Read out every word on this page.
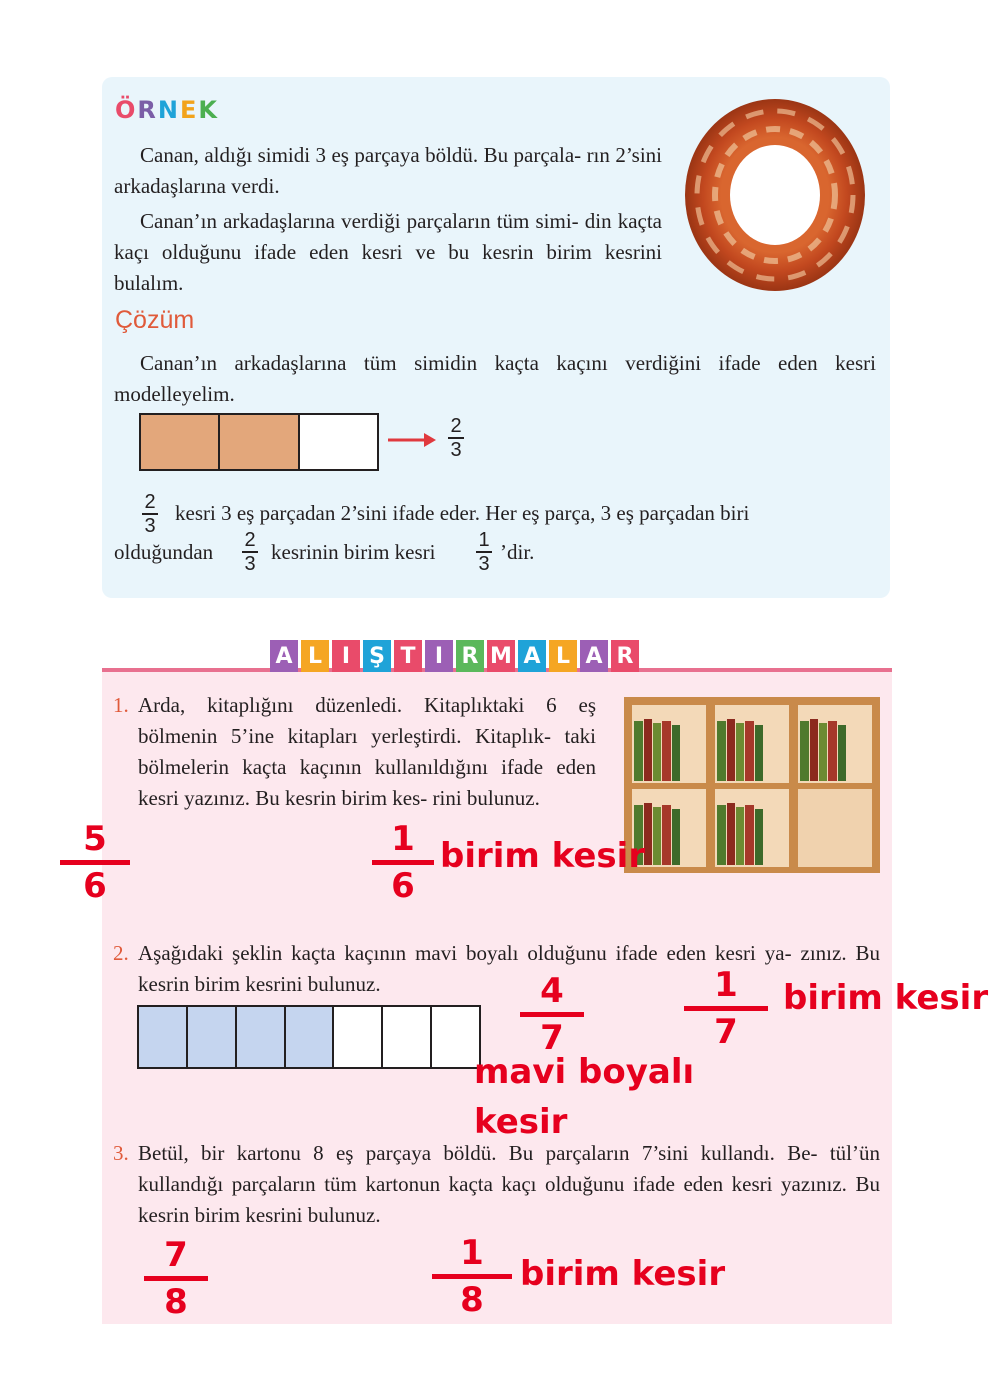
ÖRNEK
Canan, aldığı simidi 3 eş parçaya böldü. Bu parçala- rın 2’sini arkadaşlarına verdi.
Canan’ın arkadaşlarına verdiği parçaların tüm simi- din kaçta kaçı olduğunu ifade eden kesri ve bu kesrin birim kesrini bulalım.
Çözüm
Canan’ın arkadaşlarına tüm simidin kaçta kaçını verdiğini ifade eden kesri modelleyelim.
2
3
2
3
kesri 3 eş parçadan 2’sini ifade eder. Her eş parça, 3 eş parçadan biri
olduğundan 2
3 kesrinin birim kesri 1
3 ’dir.
A L I Ş T I R M A L A R
1. Arda, kitaplığını düzenledi. Kitaplıktaki 6 eş bölmenin 5’ine kitapları yerleştirdi. Kitaplık- taki bölmelerin kaçta kaçının kullanıldığını ifade eden kesri yazınız. Bu kesrin birim kes- rini bulunuz.
5
6
1
6
birim kesir
2. Aşağıdaki şeklin kaçta kaçının mavi boyalı olduğunu ifade eden kesri ya- zınız. Bu kesrin birim kesrini bulunuz.	4
7
1
7
birim kesir
mavi boyalı
kesir
3. Betül, bir kartonu 8 eş parçaya böldü. Bu parçaların 7’sini kullandı. Be- tül’ün kullandığı parçaların tüm kartonun kaçta kaçı olduğunu ifade eden kesri yazınız. Bu kesrin birim kesrini bulunuz.
7
8
1
8
birim kesir
